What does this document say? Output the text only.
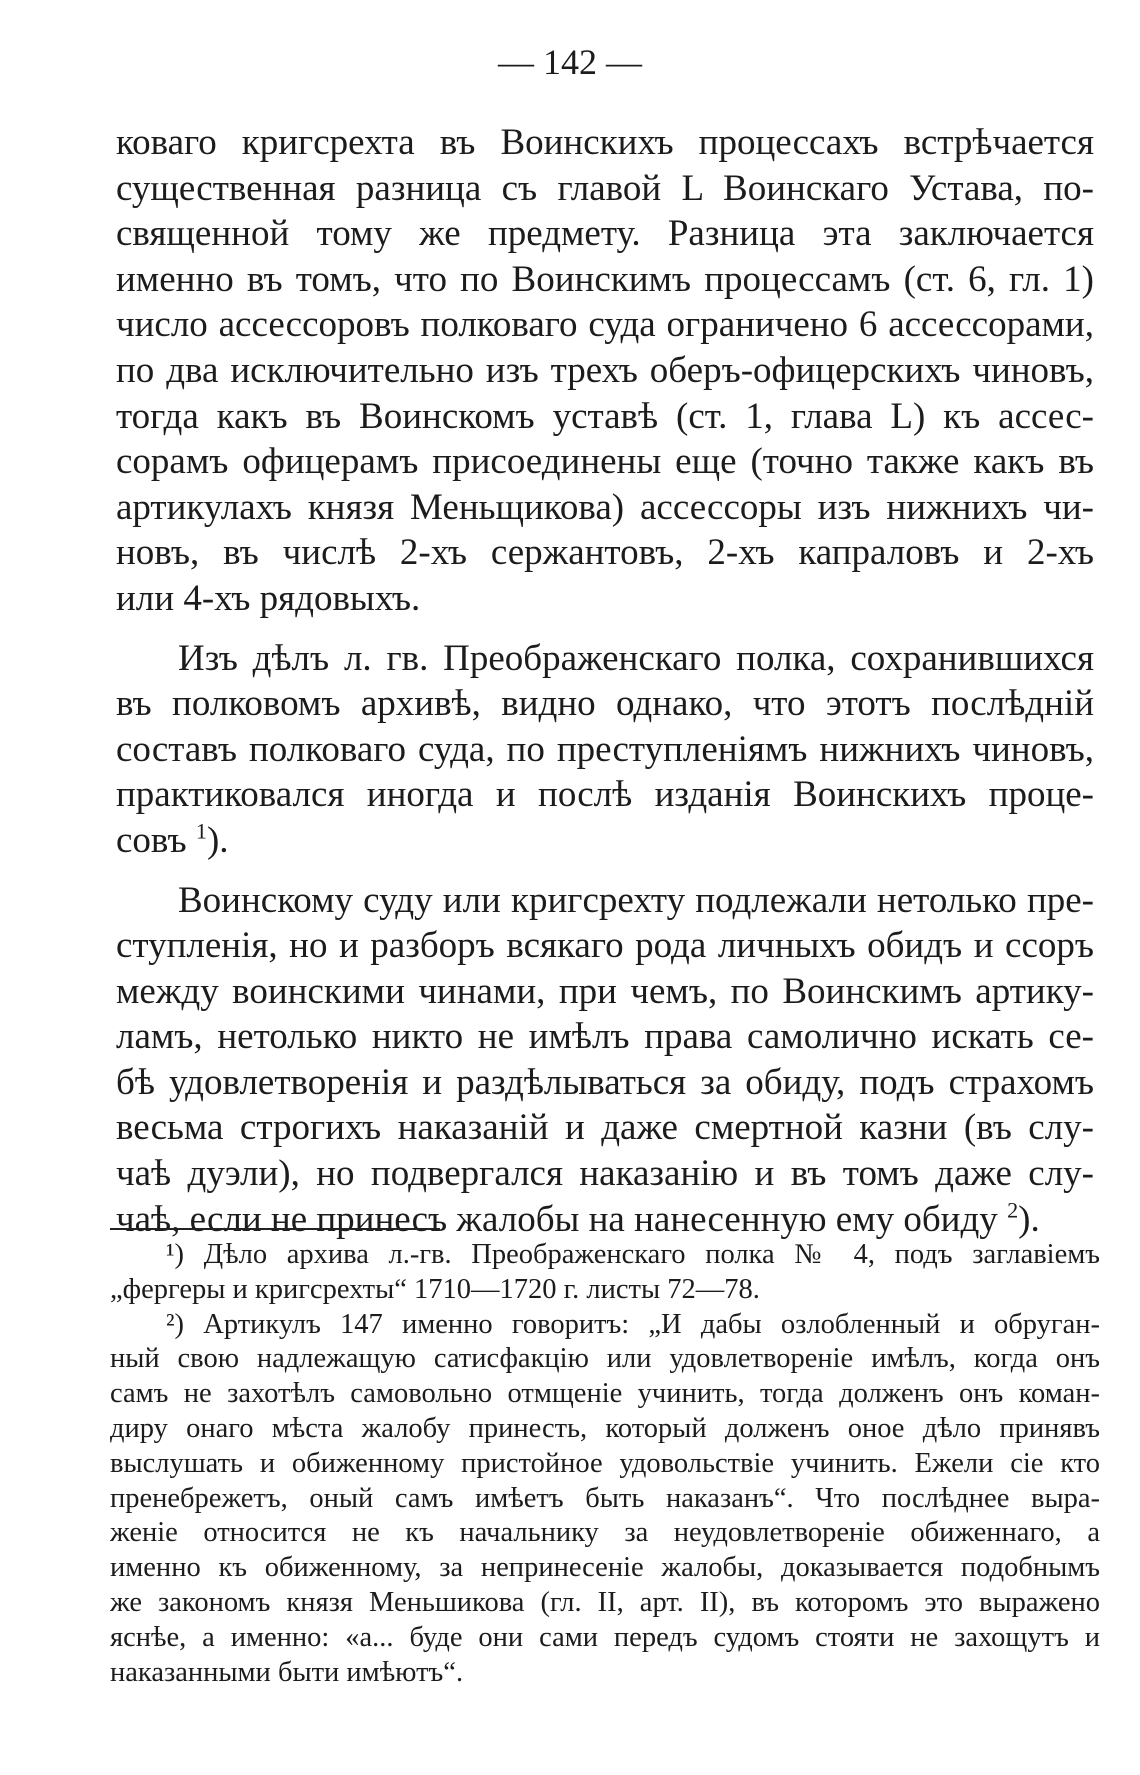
— 142 —
коваго кригсрехта въ Воинскихъ процессахъ встрѣчается
существенная разница съ главой L Воинскаго Устава, по-
священной тому же предмету. Разница эта заключается
именно въ томъ, что по Воинскимъ процессамъ (ст. 6, гл. 1)
число ассессоровъ полковаго суда ограничено 6 ассессорами,
по два исключительно изъ трехъ оберъ-офицерскихъ чиновъ,
тогда какъ въ Воинскомъ уставѣ (ст. 1, глава L) къ ассес-
сорамъ офицерамъ присоединены еще (точно также какъ въ
артикулахъ князя Меньщикова) ассессоры изъ нижнихъ чи-
новъ, въ числѣ 2-хъ сержантовъ, 2-хъ капраловъ и 2-хъ
или 4-хъ рядовыхъ.
Изъ дѣлъ л. гв. Преображенскаго полка, сохранившихся
въ полковомъ архивѣ, видно однако, что этотъ послѣдній
составъ полковаго суда, по преступленіямъ нижнихъ чиновъ,
практиковался иногда и послѣ изданія Воинскихъ проце-
совъ $^1$).
Воинскому суду или кригсрехту подлежали нетолько пре-
ступленія, но и разборъ всякаго рода личныхъ обидъ и ссоръ
между воинскими чинами, при чемъ, по Воинскимъ артику-
ламъ, нетолько никто не имѣлъ права самолично искать се-
бѣ удовлетворенія и раздѣлываться за обиду, подъ страхомъ
весьма строгихъ наказаній и даже смертной казни (въ слу-
чаѣ дуэли), но подвергался наказанію и въ томъ даже слу-
чаѣ, если не принесъ жалобы на нанесенную ему обиду $^2$).
¹) Дѣло архива л.-гв. Преображенскаго полка № 4, подъ заглавіемъ
„фергеры и кригсрехты“ 1710—1720 г. листы 72—78.
²) Артикулъ 147 именно говоритъ: „И дабы озлобленный и обруган-
ный свою надлежащую сатисфакцію или удовлетвореніе имѣлъ, когда онъ
самъ не захотѣлъ самовольно отмщеніе учинить, тогда долженъ онъ коман-
диру онаго мѣста жалобу принесть, который долженъ оное дѣло принявъ
выслушать и обиженному пристойное удовольствіе учинить. Ежели сіе кто
пренебрежетъ, оный самъ имѣетъ быть наказанъ“. Что послѣднее выра-
женіе относится не къ начальнику за неудовлетвореніе обиженнаго, а
именно къ обиженному, за непринесеніе жалобы, доказывается подобнымъ
же закономъ князя Меньшикова (гл. II, арт. II), въ которомъ это выражено
яснѣе, а именно: «а... буде они сами передъ судомъ стояти не захощутъ и
наказанными быти имѣютъ“.
